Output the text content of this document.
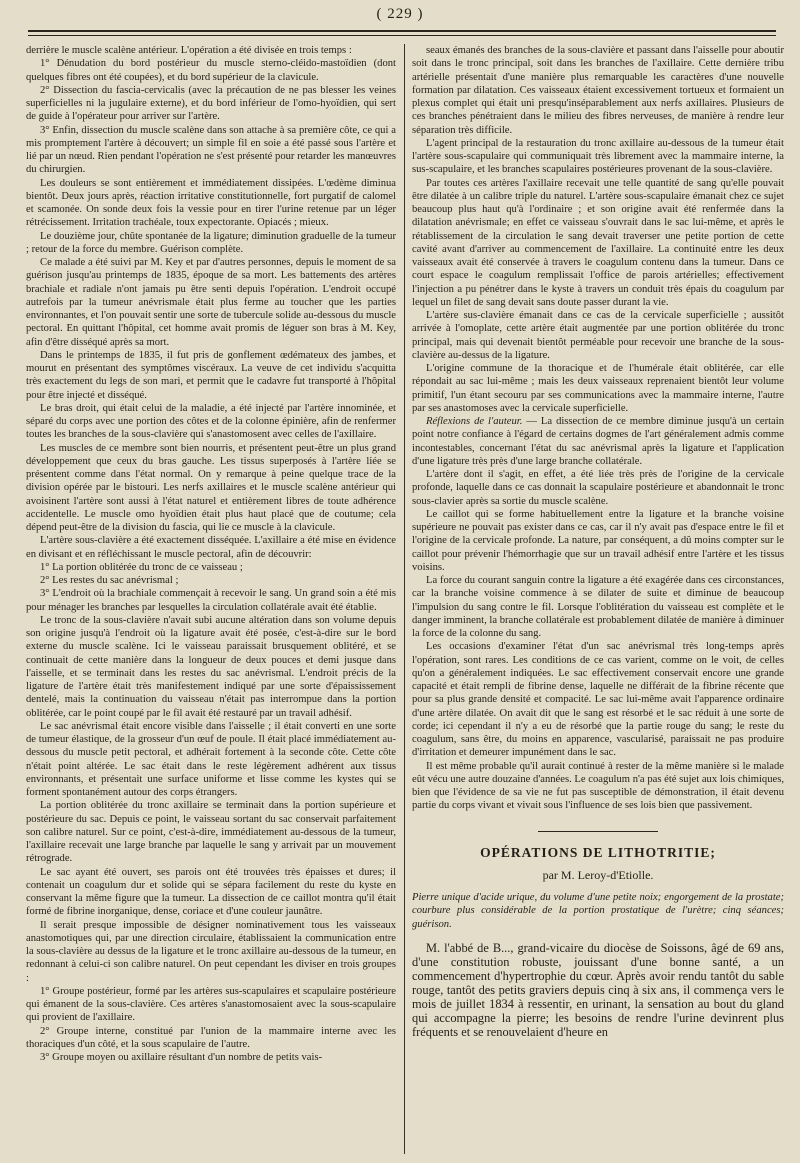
( 229 )

derrière le muscle scalène antérieur. L'opération a été divisée en trois temps :

1° Dénudation du bord postérieur du muscle sterno-cléido-mastoïdien (dont quelques fibres ont été coupées), et du bord supérieur de la clavicule.

2° Dissection du fascia-cervicalis (avec la précaution de ne pas blesser les veines superficielles ni la jugulaire externe), et du bord inférieur de l'omo-hyoïdien, qui sert de guide à l'opérateur pour arriver sur l'artère.

3° Enfin, dissection du muscle scalène dans son attache à sa première côte, ce qui a mis promptement l'artère à découvert; un simple fil en soie a été passé sous l'artère et lié par un nœud. Rien pendant l'opération ne s'est présenté pour retarder les manœuvres du chirurgien.

Les douleurs se sont entièrement et immédiatement dissipées. L'œdème diminua bientôt. Deux jours après, réaction irritative constitutionnelle, fort purgatif de calomel et scamonée. On sonde deux fois la vessie pour en tirer l'urine retenue par un léger rétrécissement. Irritation trachéale, toux expectorante. Opiacés ; mieux.

Le douzième jour, chûte spontanée de la ligature; diminution graduelle de la tumeur ; retour de la force du membre. Guérison complète.

Ce malade a été suivi par M. Key et par d'autres personnes, depuis le moment de sa guérison jusqu'au printemps de 1835, époque de sa mort. Les battements des artères brachiale et radiale n'ont jamais pu être senti depuis l'opération. L'endroit occupé autrefois par la tumeur anévrismale était plus ferme au toucher que les parties environnantes, et l'on pouvait sentir une sorte de tubercule solide au-dessous du muscle pectoral. En quittant l'hôpital, cet homme avait promis de léguer son bras à M. Key, afin d'être disséqué après sa mort.

Dans le printemps de 1835, il fut pris de gonflement œdémateux des jambes, et mourut en présentant des symptômes viscéraux. La veuve de cet individu s'acquitta très exactement du legs de son mari, et permit que le cadavre fut transporté à l'hôpital pour être injecté et disséqué.

Le bras droit, qui était celui de la maladie, a été injecté par l'artère innominée, et séparé du corps avec une portion des côtes et de la colonne épinière, afin de renfermer toutes les branches de la sous-clavière qui s'anastomosent avec celles de l'axillaire.

Les muscles de ce membre sont bien nourris, et présentent peut-être un plus grand développement que ceux du bras gauche. Les tissus superposés à l'artère liée se présentent comme dans l'état normal. On y remarque à peine quelque trace de la division opérée par le bistouri. Les nerfs axillaires et le muscle scalène antérieur qui avoisinent l'artère sont aussi à l'état naturel et entièrement libres de toute adhérence accidentelle. Le muscle omo hyoïdien était plus haut placé que de coutume; cela dépend peut-être de la division du fascia, qui lie ce muscle à la clavicule.

L'artère sous-clavière a été exactement disséquée. L'axillaire a été mise en évidence en divisant et en réfléchissant le muscle pectoral, afin de découvrir:

1° La portion oblitérée du tronc de ce vaisseau ;

2° Les restes du sac anévrismal ;

3° L'endroit où la brachiale commençait à recevoir le sang. Un grand soin a été mis pour ménager les branches par lesquelles la circulation collatérale avait été établie.

Le tronc de la sous-clavière n'avait subi aucune altération dans son volume depuis son origine jusqu'à l'endroit où la ligature avait été posée, c'est-à-dire sur le bord externe du muscle scalène. Ici le vaisseau paraissait brusquement oblitéré, et se continuait de cette manière dans la longueur de deux pouces et demi jusque dans l'aisselle, et se terminait dans les restes du sac anévrismal. L'endroit précis de la ligature de l'artère était très manifestement indiqué par une sorte d'épaississement dentelé, mais la continuation du vaisseau n'était pas interrompue dans la portion oblitérée, car le point coupé par le fil avait été restauré par un travail adhésif.

Le sac anévrismal était encore visible dans l'aisselle ; il était converti en une sorte de tumeur élastique, de la grosseur d'un œuf de poule. Il était placé immédiatement au-dessous du muscle petit pectoral, et adhérait fortement à la seconde côte. Cette côte n'était point altérée. Le sac était dans le reste légèrement adhérent aux tissus environnants, et présentait une surface uniforme et lisse comme les kystes qui se forment spontanément autour des corps étrangers.

La portion oblitérée du tronc axillaire se terminait dans la portion supérieure et postérieure du sac. Depuis ce point, le vaisseau sortant du sac conservait parfaitement son calibre naturel. Sur ce point, c'est-à-dire, immédiatement au-dessous de la tumeur, l'axillaire recevait une large branche par laquelle le sang y arrivait par un mouvement rétrograde.

Le sac ayant été ouvert, ses parois ont été trouvées très épaisses et dures; il contenait un coagulum dur et solide qui se sépara facilement du reste du kyste en conservant la même figure que la tumeur. La dissection de ce caillot montra qu'il était formé de fibrine inorganique, dense, coriace et d'une couleur jaunâtre.

Il serait presque impossible de désigner nominativement tous les vaisseaux anastomotiques qui, par une direction circulaire, établissaient la communication entre la sous-clavière au dessus de la ligature et le tronc axillaire au-dessous de la tumeur, en redonnant à celui-ci son calibre naturel. On peut cependant les diviser en trois groupes :

1° Groupe postérieur, formé par les artères sus-scapulaires et scapulaire postérieure qui émanent de la sous-clavière. Ces artères s'anastomosaient avec la sous-scapulaire qui provient de l'axillaire.

2° Groupe interne, constitué par l'union de la mammaire interne avec les thoraciques d'un côté, et la sous scapulaire de l'autre.

3° Groupe moyen ou axillaire résultant d'un nombre de petits vais-

seaux émanés des branches de la sous-clavière et passant dans l'aisselle pour aboutir soit dans le tronc principal, soit dans les branches de l'axillaire. Cette dernière tribu artérielle présentait d'une manière plus remarquable les caractères d'une nouvelle formation par dilatation. Ces vaisseaux étaient excessivement tortueux et formaient un plexus complet qui était uni presqu'inséparablement aux nerfs axillaires. Plusieurs de ces branches pénétraient dans le milieu des fibres nerveuses, de manière à rendre leur séparation très difficile.

L'agent principal de la restauration du tronc axillaire au-dessous de la tumeur était l'artère sous-scapulaire qui communiquait très librement avec la mammaire interne, la sus-scapulaire, et les branches scapulaires postérieures provenant de la sous-clavière.

Par toutes ces artères l'axillaire recevait une telle quantité de sang qu'elle pouvait être dilatée à un calibre triple du naturel. L'artère sous-scapulaire émanait chez ce sujet beaucoup plus haut qu'à l'ordinaire ; et son origine avait été renfermée dans la dilatation anévrismale; en effet ce vaisseau s'ouvrait dans le sac lui-même, et après le rétablissement de la circulation le sang devait traverser une petite portion de cette cavité avant d'arriver au commencement de l'axillaire. La continuité entre les deux vaisseaux avait été conservée à travers le coagulum contenu dans la tumeur. Dans ce court espace le coagulum remplissait l'office de parois artérielles; effectivement l'injection a pu pénétrer dans le kyste à travers un conduit très épais du coagulum par lequel un filet de sang devait sans doute passer durant la vie.

L'artère sus-clavière émanait dans ce cas de la cervicale superficielle ; aussitôt arrivée à l'omoplate, cette artère était augmentée par une portion oblitérée du tronc principal, mais qui devenait bientôt perméable pour recevoir une branche de la sous-clavière au-dessus de la ligature.

L'origine commune de la thoracique et de l'humérale était oblitérée, car elle répondait au sac lui-même ; mais les deux vaisseaux reprenaient bientôt leur volume primitif, l'un étant secouru par ses communications avec la mammaire interne, l'autre par ses anastomoses avec la cervicale superficielle.

Réflexions de l'auteur. — La dissection de ce membre diminue jusqu'à un certain point notre confiance à l'égard de certains dogmes de l'art généralement admis comme incontestables, concernant l'état du sac anévrismal après la ligature et l'application d'une ligature très près d'une large branche collatérale.

L'artère dont il s'agit, en effet, a été liée très près de l'origine de la cervicale profonde, laquelle dans ce cas donnait la scapulaire postérieure et abandonnait le tronc sous-clavier après sa sortie du muscle scalène.

Le caillot qui se forme habituellement entre la ligature et la branche voisine supérieure ne pouvait pas exister dans ce cas, car il n'y avait pas d'espace entre le fil et l'origine de la cervicale profonde. La nature, par conséquent, a dû moins compter sur le caillot pour prévenir l'hémorrhagie que sur un travail adhésif entre l'artère et les tissus voisins.

La force du courant sanguin contre la ligature a été exagérée dans ces circonstances, car la branche voisine commence à se dilater de suite et diminue de beaucoup l'impulsion du sang contre le fil. Lorsque l'oblitération du vaisseau est complète et le danger imminent, la branche collatérale est probablement dilatée de manière à diminuer la force de la colonne du sang.

Les occasions d'examiner l'état d'un sac anévrismal très long-temps après l'opération, sont rares. Les conditions de ce cas varient, comme on le voit, de celles qu'on a généralement indiquées. Le sac effectivement conservait encore une grande capacité et était rempli de fibrine dense, laquelle ne différait de la fibrine récente que pour sa plus grande densité et compacité. Le sac lui-même avait l'apparence ordinaire d'une artère dilatée. On avait dit que le sang est résorbé et le sac réduit à une sorte de corde; ici cependant il n'y a eu de résorbé que la partie rouge du sang; le reste du coagulum, sans être, du moins en apparence, vascularisé, paraissait ne pas produire d'irritation et demeurer impunément dans le sac.

Il est même probable qu'il aurait continué à rester de la même manière si le malade eût vécu une autre douzaine d'années. Le coagulum n'a pas été sujet aux lois chimiques, bien que l'évidence de sa vie ne fut pas susceptible de démonstration, il était devenu partie du corps vivant et vivait sous l'influence de ses lois bien que passivement.

OPÉRATIONS DE LITHOTRITIE;

par M. Leroy-d'Etiolle.

Pierre unique d'acide urique, du volume d'une petite noix; engorgement de la prostate; courbure plus considérable de la portion prostatique de l'urètre; cinq séances; guérison.

M. l'abbé de B..., grand-vicaire du diocèse de Soissons, âgé de 69 ans, d'une constitution robuste, jouissant d'une bonne santé, a un commencement d'hypertrophie du cœur. Après avoir rendu tantôt du sable rouge, tantôt des petits graviers depuis cinq à six ans, il commença vers le mois de juillet 1834 à ressentir, en urinant, la sensation au bout du gland qui accompagne la pierre; les besoins de rendre l'urine devinrent plus fréquents et se renouvelaient d'heure en
